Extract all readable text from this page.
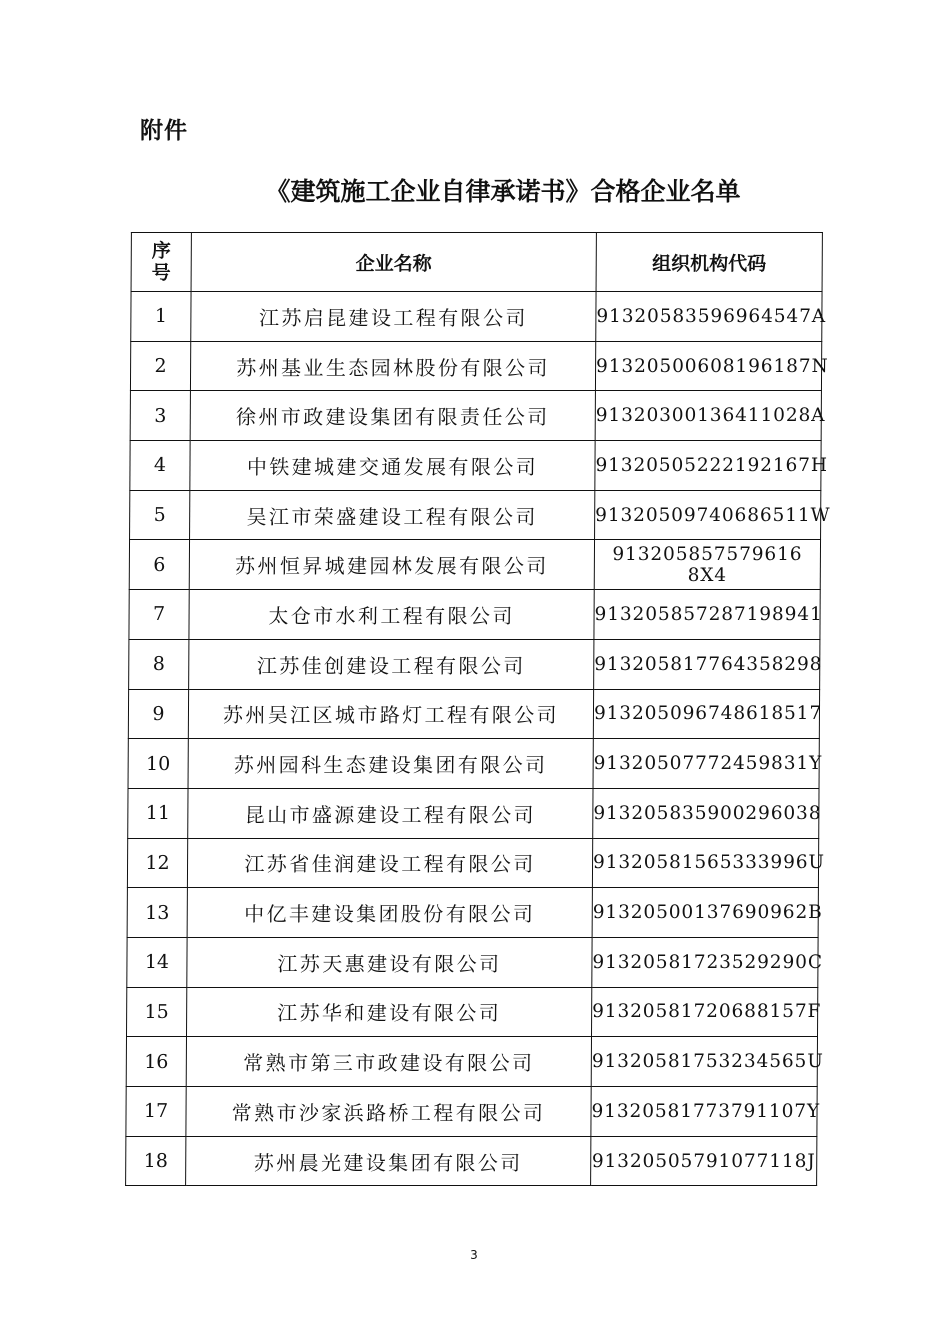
附件
《建筑施工企业自律承诺书》合格企业名单
序
号	企业名称	组织机构代码
1	江苏启昆建设工程有限公司	91320583596964547A
2	苏州基业生态园林股份有限公司	91320500608196187N
3	徐州市政建设集团有限责任公司	91320300136411028A
4	中铁建城建交通发展有限公司	91320505222192167H
5	吴江市荣盛建设工程有限公司	91320509740686511W
6	苏州恒昇城建园林发展有限公司	913205857579616 8X4
7	太仓市水利工程有限公司	913205857287198941
8	江苏佳创建设工程有限公司	913205817764358298
9	苏州吴江区城市路灯工程有限公司	913205096748618517
10	苏州园科生态建设集团有限公司	91320507772459831Y
11	昆山市盛源建设工程有限公司	913205835900296038
12	江苏省佳润建设工程有限公司	91320581565333996U
13	中亿丰建设集团股份有限公司	91320500137690962B
14	江苏天惠建设有限公司	91320581723529290C
15	江苏华和建设有限公司	91320581720688157F
16	常熟市第三市政建设有限公司	91320581753234565U
17	常熟市沙家浜路桥工程有限公司	91320581773791107Y
18	苏州晨光建设集团有限公司	91320505791077118J
3
